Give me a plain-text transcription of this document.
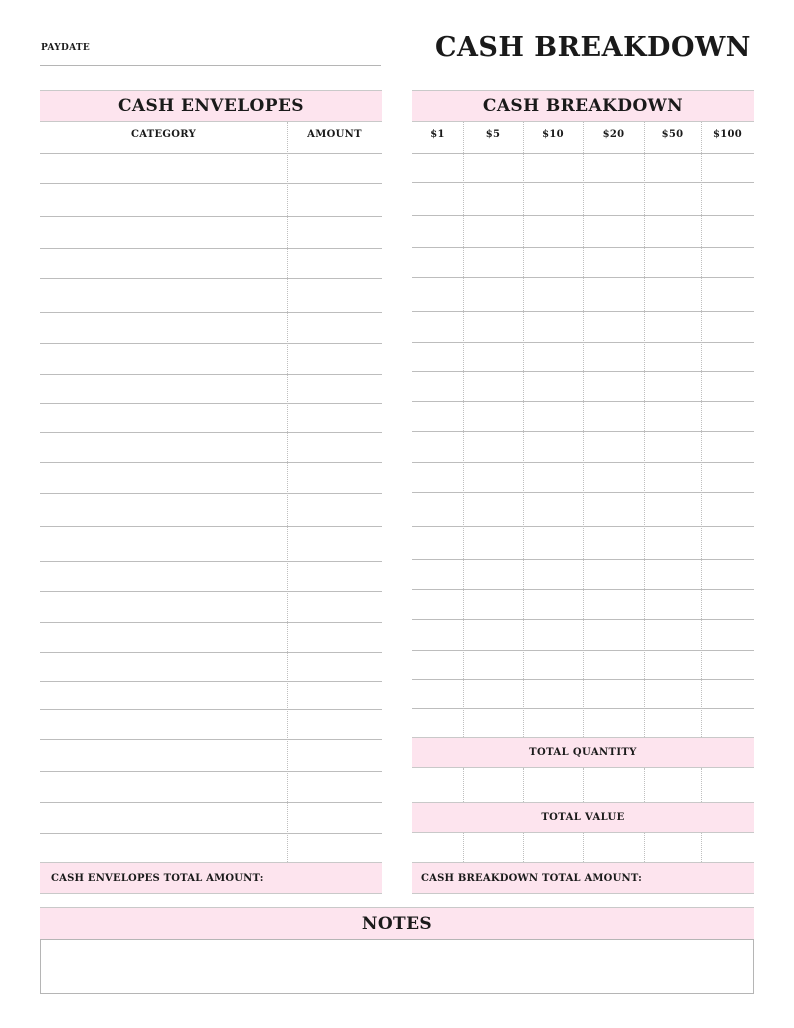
PAYDATE	CASH BREAKDOWN
CASH ENVELOPES
CATEGORY	AMOUNT
CASH ENVELOPES TOTAL AMOUNT:
CASH BREAKDOWN
$1	$5	$10	$20	$50	$100
TOTAL QUANTITY
TOTAL VALUE
CASH BREAKDOWN TOTAL AMOUNT:
NOTES
